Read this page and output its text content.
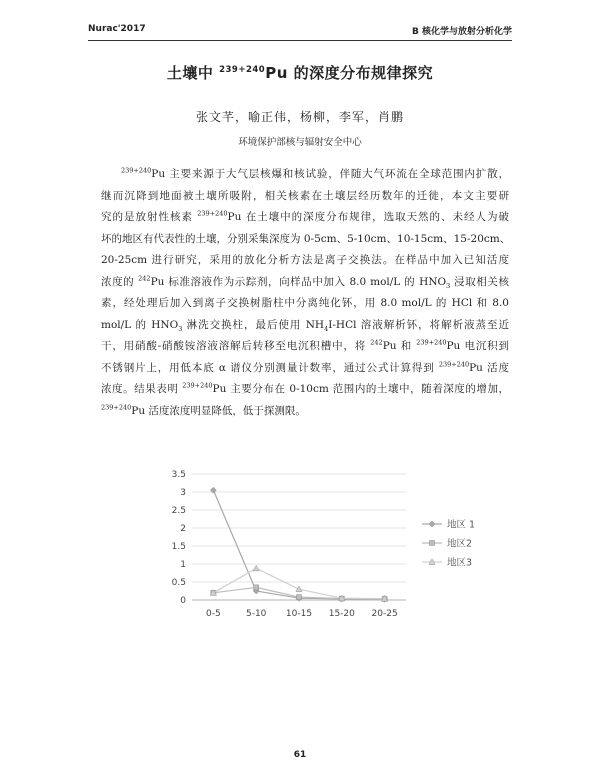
Nurac'2017	B 核化学与放射分析化学
土壤中 $^{239+240}$Pu 的深度分布规律探究
张文芊，喻正伟，杨柳，李军，肖鹏
环境保护部核与辐射安全中心
$^{239+240}$Pu 主要来源于大气层核爆和核试验，伴随大气环流在全球范围内扩散，
继而沉降到地面被土壤所吸附，相关核素在土壤层经历数年的迁徙，本文主要研
究的是放射性核素 $^{239+240}$Pu 在土壤中的深度分布规律，选取天然的、未经人为破
坏的地区有代表性的土壤，分别采集深度为 0-5cm、5-10cm、10-15cm、15-20cm、
20-25cm 进行研究，采用的放化分析方法是离子交换法。在样品中加入已知活度
浓度的 $^{242}$Pu 标准溶液作为示踪剂，向样品中加入 8.0 mol/L 的 $HNO_3$ 浸取相关核
素，经处理后加入到离子交换树脂柱中分离纯化钚，用 8.0 mol/L 的 HCl 和 8.0
mol/L 的 $HNO_3$ 淋洗交换柱，最后使用 $NH_4I$-HCl 溶液解析钚，将解析液蒸至近
干，用硝酸-硝酸铵溶液溶解后转移至电沉积槽中，将 $^{242}$Pu 和 $^{239+240}$Pu 电沉积到
不锈钢片上，用低本底 α 谱仪分别测量计数率，通过公式计算得到 $^{239+240}$Pu 活度
浓度。结果表明 $^{239+240}$Pu 主要分布在 0-10cm 范围内的土壤中，随着深度的增加，
$^{239+240}$Pu 活度浓度明显降低，低于探测限。
0
0.5
1
1.5
2
2.5
3
3.5
0-5	5-10 10-15 15-20 20-25
地区 1
地区2
地区3
61
